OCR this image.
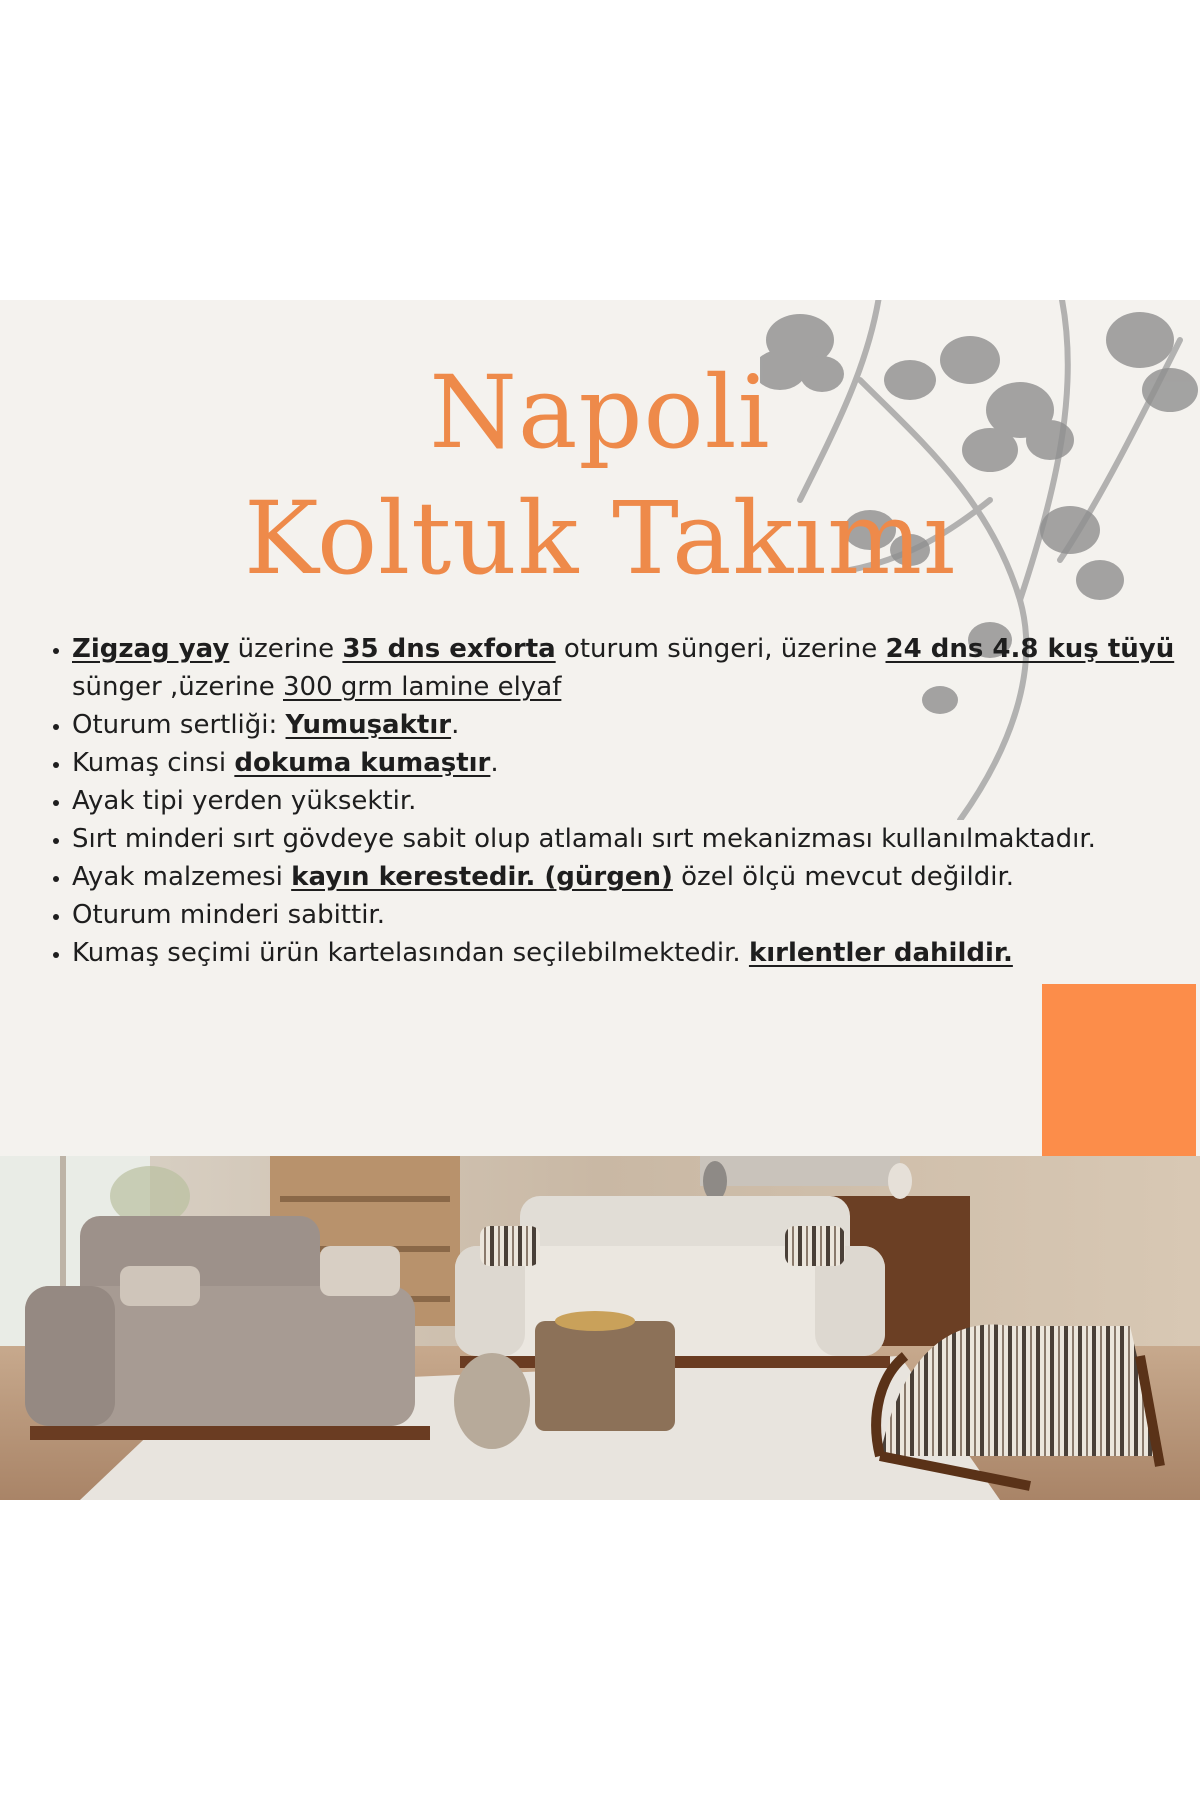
Napoli
Koltuk Takımı
• Zigzag yay üzerine 35 dns exforta oturum süngeri, üzerine 24 dns 4.8 kuş tüyü sünger ,üzerine 300 grm lamine elyaf
• Oturum sertliği: Yumuşaktır.
• Kumaş cinsi dokuma kumaştır.
• Ayak tipi yerden yüksektir.
• Sırt minderi sırt gövdeye sabit olup atlamalı sırt mekanizması kullanılmaktadır.
• Ayak malzemesi kayın kerestedir. (gürgen) özel ölçü mevcut değildir.
• Oturum minderi sabittir.
• Kumaş seçimi ürün kartelasından seçilebilmektedir. kırlentler dahildir.
